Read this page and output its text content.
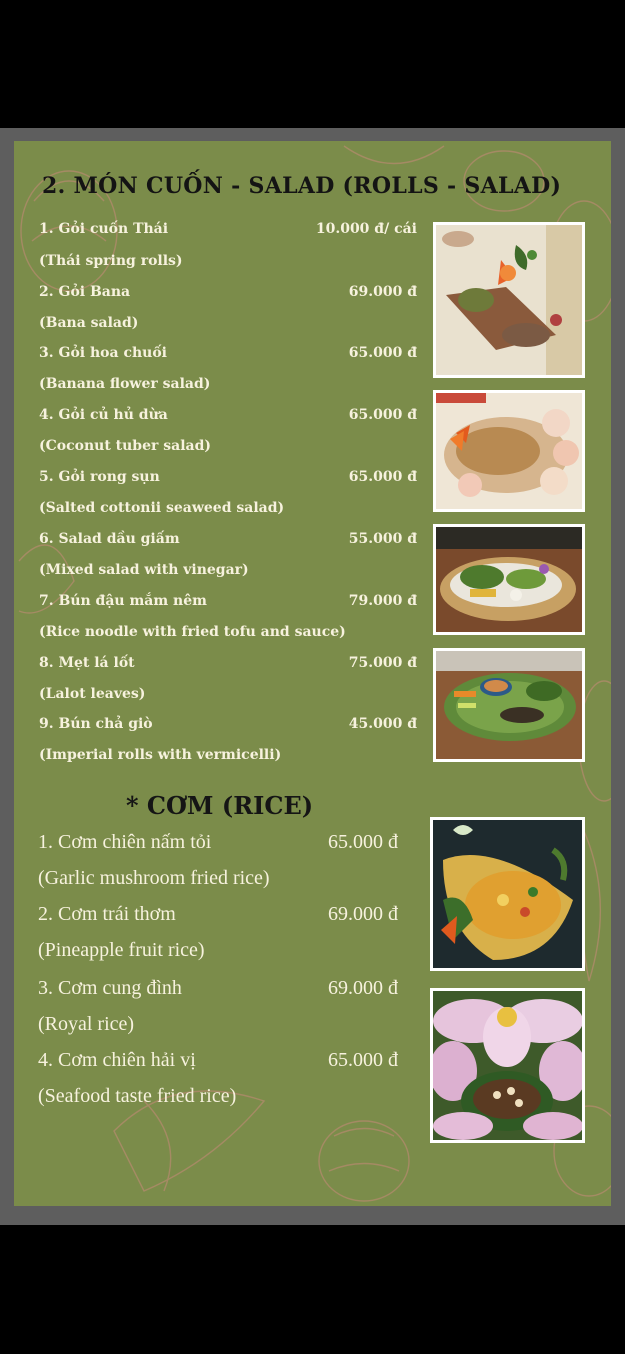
2. MÓN CUỐN - SALAD (ROLLS - SALAD)
1. Gỏi cuốn Thái	10.000 đ/ cái
(Thái spring rolls)
2. Gỏi Bana	69.000 đ
(Bana salad)
3. Gỏi hoa chuối	65.000 đ
(Banana flower salad)
4. Gỏi củ hủ dừa	65.000 đ
(Coconut tuber salad)
5. Gỏi rong sụn	65.000 đ
(Salted cottonii seaweed salad)
6. Salad dầu giấm	55.000 đ
(Mixed salad with vinegar)
7. Bún đậu mắm nêm	79.000 đ
(Rice noodle with fried tofu and sauce)
8. Mẹt lá lốt	75.000 đ
(Lalot leaves)
9. Bún chả giò	45.000 đ
(Imperial rolls with vermicelli)
* CƠM (RICE)
1. Cơm chiên nấm tỏi	65.000 đ
(Garlic mushroom fried rice)
2. Cơm trái thơm	69.000 đ
(Pineapple fruit rice)
3. Cơm cung đình	69.000 đ
(Royal rice)
4. Cơm chiên hải vị	65.000 đ
(Seafood taste fried rice)
